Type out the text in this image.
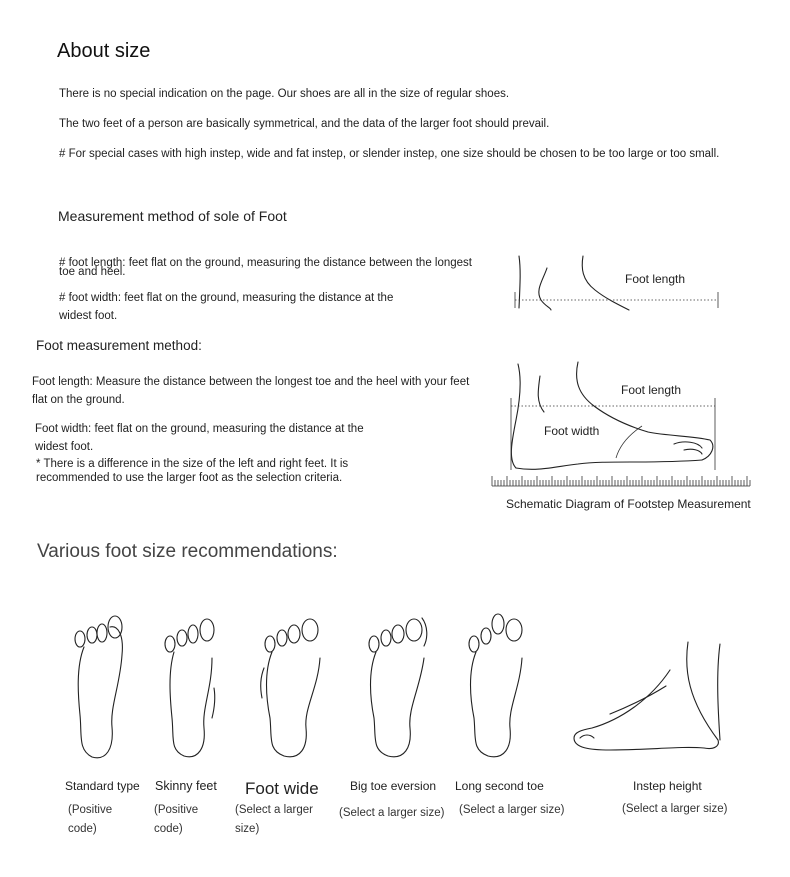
About size
There is no special indication on the page. Our shoes are all in the size of regular shoes.
The two feet of a person are basically symmetrical, and the data of the larger foot should prevail.
# For special cases with high instep, wide and fat instep, or slender instep, one size should be chosen to be too large or too small.
Measurement method of sole of Foot
# foot length: feet flat on the ground, measuring the distance between the longest
toe and heel.
# foot width: feet flat on the ground, measuring the distance at the widest foot.
Foot length
Foot measurement method:
Foot length: Measure the distance between the longest toe and the heel with your feet flat on the ground.
Foot width: feet flat on the ground, measuring the distance at the widest foot.
* There is a difference in the size of the left and right feet. It is recommended to use the larger foot as the selection criteria.
Foot length
Foot width
Schematic Diagram of Footstep Measurement
Various foot size recommendations:
Standard type
(Positive code)
Skinny feet
(Positive code)
Foot wide
(Select a larger size)
Big toe eversion
(Select a larger size)
Long second toe
(Select a larger size)
Instep height
(Select a larger size)
